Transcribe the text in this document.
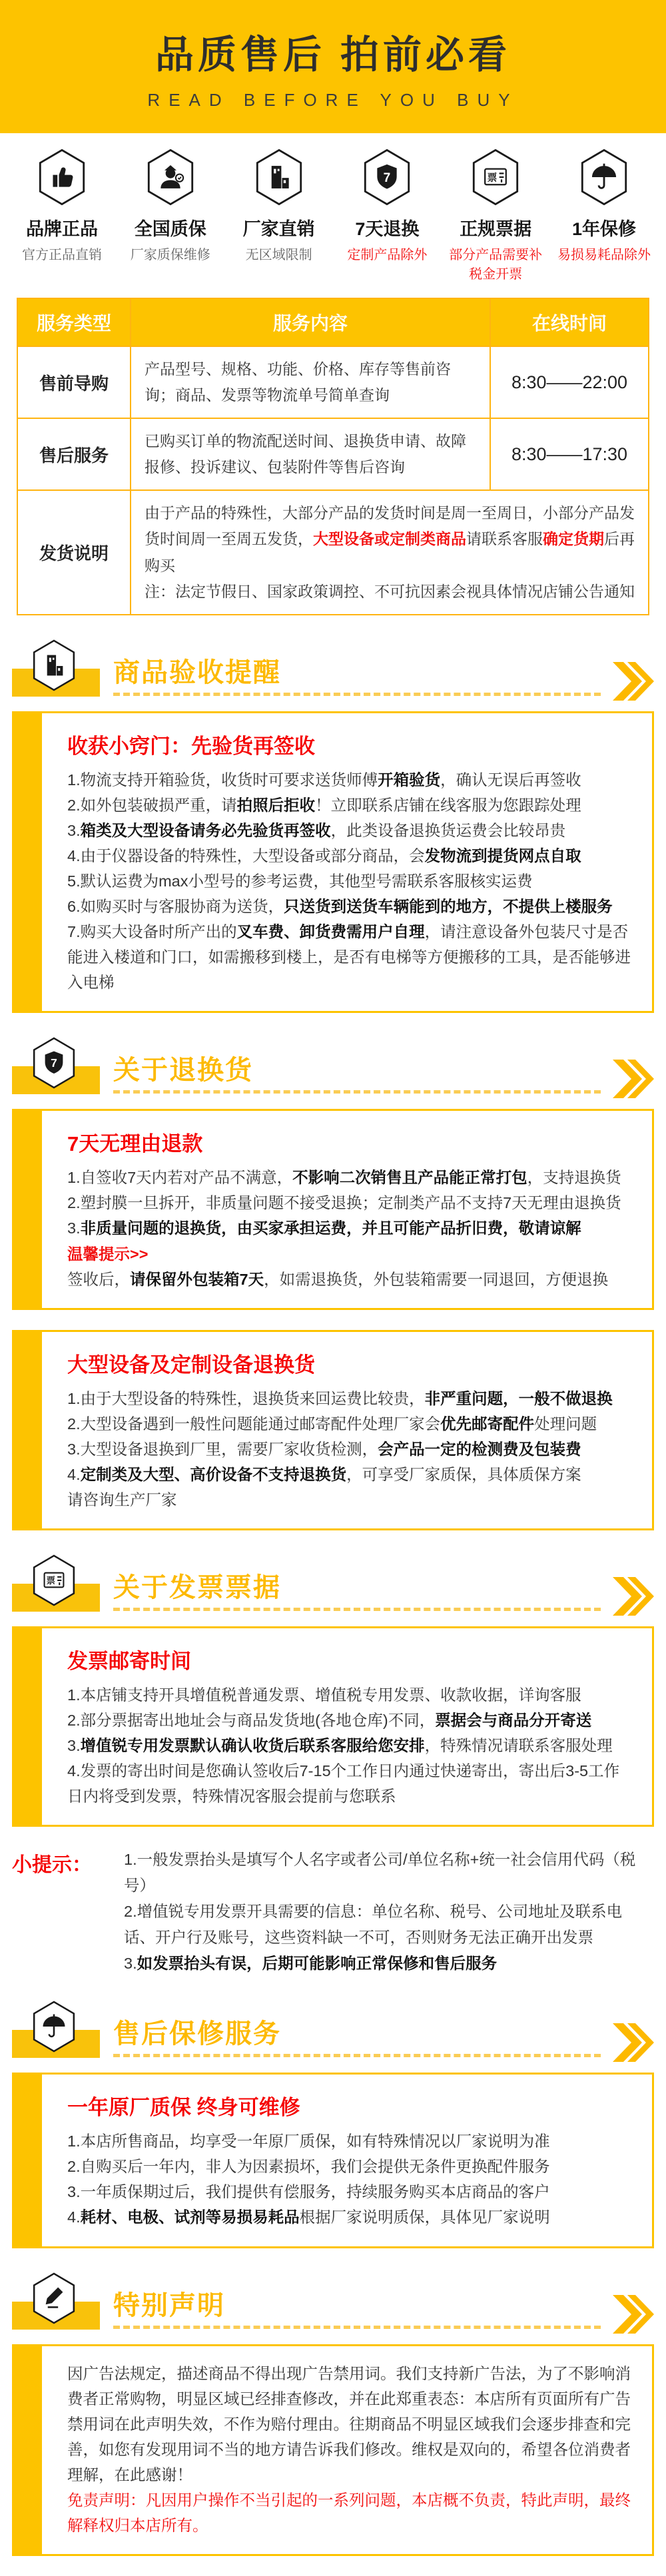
品质售后 拍前必看
READ BEFORE YOU BUY
品牌正品
官方正品直销
全国质保
厂家质保维修
厂家直销
无区域限制
7
7天退换
定制产品除外
票
正规票据
部分产品需要补税金开票
1年保修
易损易耗品除外
服务类型	服务内容	在线时间
售前导购	产品型号、规格、功能、价格、库存等售前咨询；商品、发票等物流单号简单查询	8:30——22:00
售后服务	已购买订单的物流配送时间、退换货申请、故障报修、投诉建议、包装附件等售后咨询	8:30——17:30
发货说明	由于产品的特殊性，大部分产品的发货时间是周一至周日，小部分产品发货时间周一至周五发货，大型设备或定制类商品请联系客服确定货期后再购买

注：法定节假日、国家政策调控、不可抗因素会视具体情况店铺公告通知	

商品验收提醒
收获小窍门：先验货再签收

1.物流支持开箱验货，收货时可要求送货师傅开箱验货，确认无误后再签收

2.如外包装破损严重，请拍照后拒收！立即联系店铺在线客服为您跟踪处理

3.箱类及大型设备请务必先验货再签收，此类设备退换货运费会比较昂贵

4.由于仪器设备的特殊性，大型设备或部分商品，会发物流到提货网点自取

5.默认运费为max小型号的参考运费，其他型号需联系客服核实运费

6.如购买时与客服协商为送货，只送货到送货车辆能到的地方，不提供上楼服务

7.购买大设备时所产出的叉车费、卸货费需用户自理，请注意设备外包装尺寸是否能进入楼道和门口，如需搬移到楼上，是否有电梯等方便搬移的工具，是否能够进入电梯

7 关于退换货
7天无理由退款

1.自签收7天内若对产品不满意，不影响二次销售且产品能正常打包，支持退换货

2.塑封膜一旦拆开，非质量问题不接受退换；定制类产品不支持7天无理由退换货

3.非质量问题的退换货，由买家承担运费，并且可能产品折旧费，敬请谅解

温馨提示>>

签收后，请保留外包装箱7天，如需退换货，外包装箱需要一同退回，方便退换

大型设备及定制设备退换货

1.由于大型设备的特殊性，退换货来回运费比较贵，非严重问题，一般不做退换

2.大型设备遇到一般性问题能通过邮寄配件处理厂家会优先邮寄配件处理问题

3.大型设备退换到厂里，需要厂家收货检测，会产品一定的检测费及包装费

4.定制类及大型、高价设备不支持退换货，可享受厂家质保，具体质保方案

请咨询生产厂家

票 关于发票票据
发票邮寄时间

1.本店铺支持开具增值税普通发票、增值税专用发票、收款收据，详询客服

2.部分票据寄出地址会与商品发货地(各地仓库)不同，票据会与商品分开寄送

3.增值锐专用发票默认确认收货后联系客服给您安排，特殊情况请联系客服处理

4.发票的寄出时间是您确认签收后7-15个工作日内通过快递寄出，寄出后3-5工作日内将受到发票，特殊情况客服会提前与您联系

小提示：	1.一般发票抬头是填写个人名字或者公司/单位名称+统一社会信用代码（税号）

2.增值锐专用发票开具需要的信息：单位名称、税号、公司地址及联系电话、开户行及账号，这些资料缺一不可，否则财务无法正确开出发票

3.如发票抬头有误，后期可能影响正常保修和售后服务

售后保修服务
一年原厂质保 终身可维修

1.本店所售商品，均享受一年原厂质保，如有特殊情况以厂家说明为准

2.自购买后一年内，非人为因素损坏，我们会提供无条件更换配件服务

3.一年质保期过后，我们提供有偿服务，持续服务购买本店商品的客户

4.耗材、电极、试剂等易损易耗品根据厂家说明质保，具体见厂家说明

特别声明

因广告法规定，描述商品不得出现广告禁用词。我们支持新广告法，为了不影响消费者正常购物，明显区域已经排查修改，并在此郑重表态：本店所有页面所有广告禁用词在此声明失效，不作为赔付理由。往期商品不明显区域我们会逐步排查和完善，如您有发现用词不当的地方请告诉我们修改。维权是双向的，希望各位消费者理解，在此感谢！

免责声明：凡因用户操作不当引起的一系列问题，本店概不负责，特此声明，最终解释权归本店所有。
